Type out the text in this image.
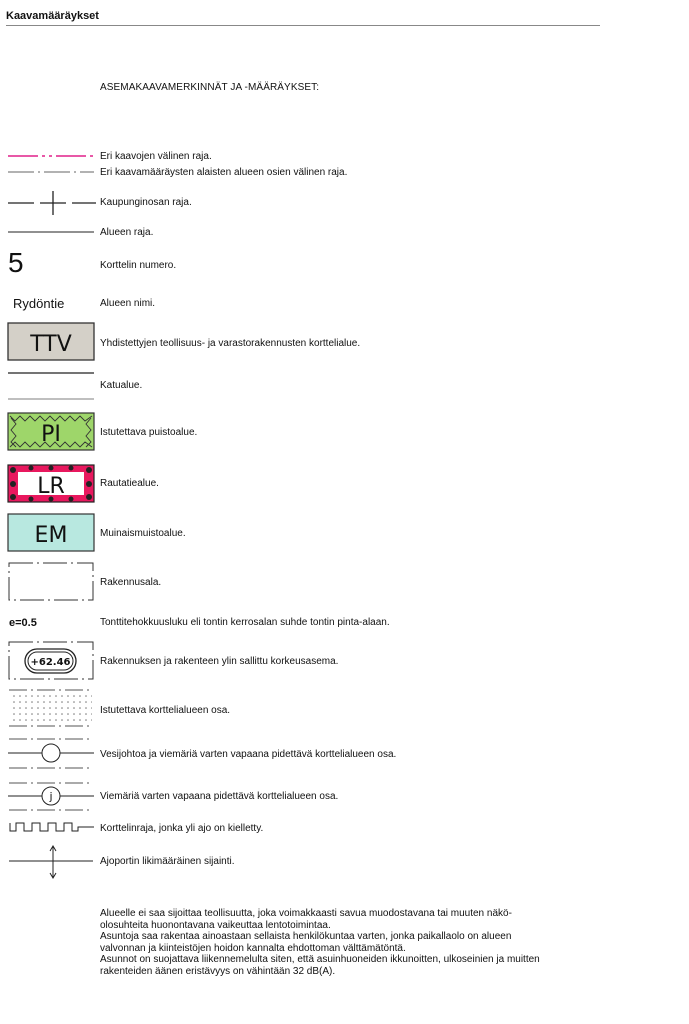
Kaavamääräykset
ASEMAKAAVAMERKINNÄT JA -MÄÄRÄYKSET:
Eri kaavojen välinen raja.
Eri kaavamääräysten alaisten alueen osien välinen raja.
Kaupunginosan raja.
Alueen raja.
5	Korttelin numero.
Rydöntie	Alueen nimi.
TTV	Yhdistettyjen teollisuus- ja varastorakennusten korttelialue.
Katualue.
PI	Istutettava puistoalue.
LR	Rautatiealue.
EM	Muinaismuistoalue.
Rakennusala.
e=0.5	Tonttitehokkuusluku eli tontin kerrosalan suhde tontin pinta-alaan.
+62.46	Rakennuksen ja rakenteen ylin sallittu korkeusasema.
Istutettava korttelialueen osa.
Vesijohtoa ja viemäriä varten vapaana pidettävä korttelialueen osa.
j	Viemäriä varten vapaana pidettävä korttelialueen osa.
Korttelinraja, jonka yli ajo on kielletty.
Ajoportin likimääräinen sijainti.
Alueelle ei saa sijoittaa teollisuutta, joka voimakkaasti savua muodostavana tai muuten näkö-
olosuhteita huonontavana vaikeuttaa lentotoimintaa.
Asuntoja saa rakentaa ainoastaan sellaista henkilökuntaa varten, jonka paikallaolo on alueen
valvonnan ja kiinteistöjen hoidon kannalta ehdottoman välttämätöntä.
Asunnot on suojattava liikennemelulta siten, että asuinhuoneiden ikkunoitten, ulkoseinien ja muitten
rakenteiden äänen eristävyys on vähintään 32 dB(A).
